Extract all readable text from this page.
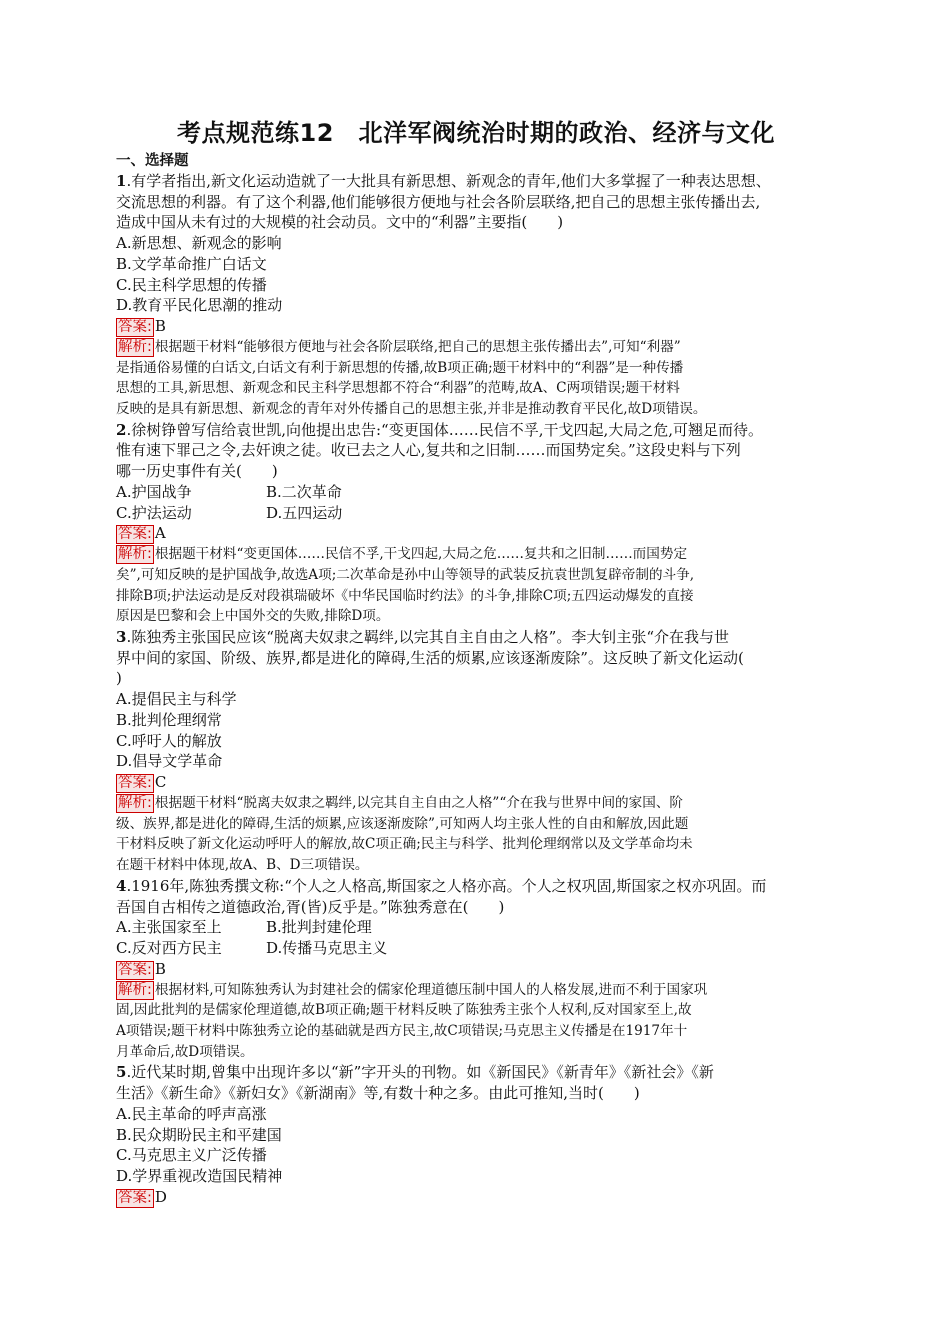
考点规范练12　北洋军阀统治时期的政治、经济与文化
一、选择题
1.有学者指出,新文化运动造就了一大批具有新思想、新观念的青年,他们大多掌握了一种表达思想、
交流思想的利器。有了这个利器,他们能够很方便地与社会各阶层联络,把自己的思想主张传播出去,
造成中国从未有过的大规模的社会动员。文中的“利器”主要指(　　)
A.新思想、新观念的影响
B.文学革命推广白话文
C.民主科学思想的传播
D.教育平民化思潮的推动
答案: B
解析: 根据题干材料“能够很方便地与社会各阶层联络,把自己的思想主张传播出去”,可知“利器”
是指通俗易懂的白话文,白话文有利于新思想的传播,故B项正确;题干材料中的“利器”是一种传播
思想的工具,新思想、新观念和民主科学思想都不符合“利器”的范畴,故A、C两项错误;题干材料
反映的是具有新思想、新观念的青年对外传播自己的思想主张,并非是推动教育平民化,故D项错误。
2.徐树铮曾写信给袁世凯,向他提出忠告:“变更国体……民信不孚,干戈四起,大局之危,可翘足而待。
惟有速下罪己之令,去奸谀之徒。收已去之人心,复共和之旧制……而国势定矣。”这段史料与下列
哪一历史事件有关(　　)
A.护国战争	B.二次革命
C.护法运动	D.五四运动
答案: A
解析: 根据题干材料“变更国体……民信不孚,干戈四起,大局之危……复共和之旧制……而国势定
矣”,可知反映的是护国战争,故选A项;二次革命是孙中山等领导的武装反抗袁世凯复辟帝制的斗争,
排除B项;护法运动是反对段祺瑞破坏《中华民国临时约法》的斗争,排除C项;五四运动爆发的直接
原因是巴黎和会上中国外交的失败,排除D项。
3.陈独秀主张国民应该“脱离夫奴隶之羁绊,以完其自主自由之人格”。李大钊主张“介在我与世
界中间的家国、阶级、族界,都是进化的障碍,生活的烦累,应该逐渐废除”。这反映了新文化运动(
)
A.提倡民主与科学
B.批判伦理纲常
C.呼吁人的解放
D.倡导文学革命
答案: C
解析: 根据题干材料“脱离夫奴隶之羁绊,以完其自主自由之人格”“介在我与世界中间的家国、阶
级、族界,都是进化的障碍,生活的烦累,应该逐渐废除”,可知两人均主张人性的自由和解放,因此题
干材料反映了新文化运动呼吁人的解放,故C项正确;民主与科学、批判伦理纲常以及文学革命均未
在题干材料中体现,故A、B、D三项错误。
4.1916年,陈独秀撰文称:“个人之人格高,斯国家之人格亦高。个人之权巩固,斯国家之权亦巩固。而
吾国自古相传之道德政治,胥(皆)反乎是。”陈独秀意在(　　)
A.主张国家至上	B.批判封建伦理
C.反对西方民主	D.传播马克思主义
答案: B
解析: 根据材料,可知陈独秀认为封建社会的儒家伦理道德压制中国人的人格发展,进而不利于国家巩
固,因此批判的是儒家伦理道德,故B项正确;题干材料反映了陈独秀主张个人权利,反对国家至上,故
A项错误;题干材料中陈独秀立论的基础就是西方民主,故C项错误;马克思主义传播是在1917年十
月革命后,故D项错误。
5.近代某时期,曾集中出现许多以“新”字开头的刊物。如《新国民》《新青年》《新社会》《新
生活》《新生命》《新妇女》《新湖南》等,有数十种之多。由此可推知,当时(　　)
A.民主革命的呼声高涨
B.民众期盼民主和平建国
C.马克思主义广泛传播
D.学界重视改造国民精神
答案: D
